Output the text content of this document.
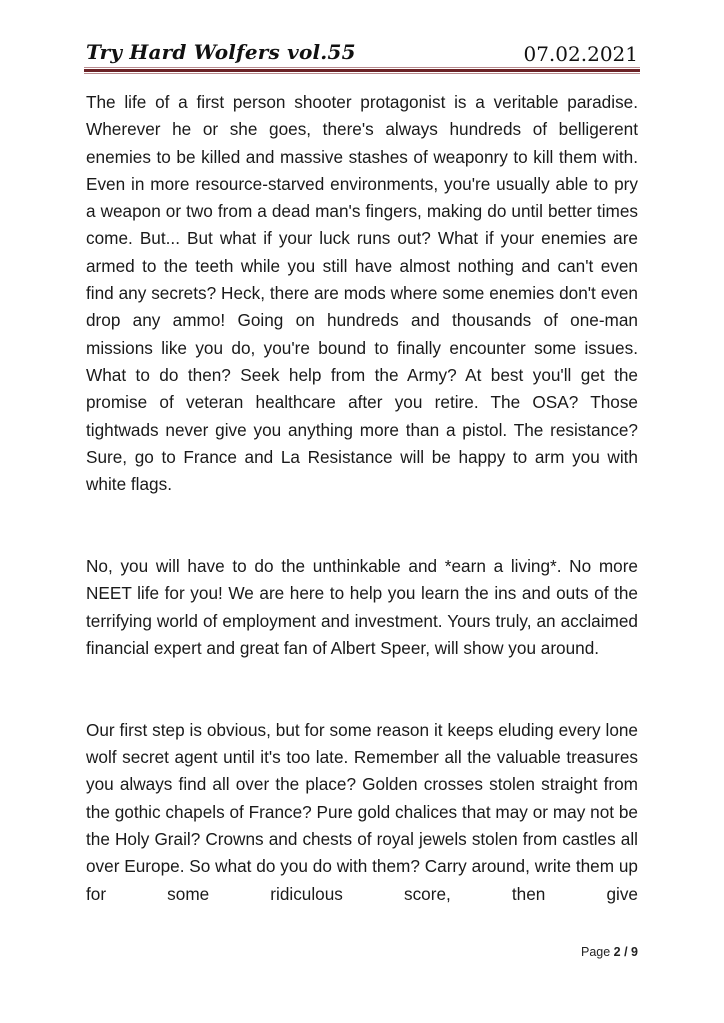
Try Hard Wolfers vol.55	07.02.2021

The life of a first person shooter protagonist is a veritable paradise. Wherever he or she goes, there's always hundreds of belligerent enemies to be killed and massive stashes of weaponry to kill them with. Even in more resource-starved environments, you're usually able to pry a weapon or two from a dead man's fingers, making do until better times come. But... But what if your luck runs out? What if your enemies are armed to the teeth while you still have almost nothing and can't even find any secrets? Heck, there are mods where some enemies don't even drop any ammo! Going on hundreds and thousands of one-man missions like you do, you're bound to finally encounter some issues. What to do then? Seek help from the Army? At best you'll get the promise of veteran healthcare after you retire. The OSA? Those tightwads never give you anything more than a pistol. The resistance? Sure, go to France and La Resistance will be happy to arm you with white flags.

No, you will have to do the unthinkable and *earn a living*. No more NEET life for you! We are here to help you learn the ins and outs of the terrifying world of employment and investment. Yours truly, an acclaimed financial expert and great fan of Albert Speer, will show you around.

Our first step is obvious, but for some reason it keeps eluding every lone wolf secret agent until it's too late. Remember all the valuable treasures you always find all over the place? Golden crosses stolen straight from the gothic chapels of France? Pure gold chalices that may or may not be the Holy Grail? Crowns and chests of royal jewels stolen from castles all over Europe. So what do you do with them? Carry around, write them up for some ridiculous score, then give

Page 2 / 9
